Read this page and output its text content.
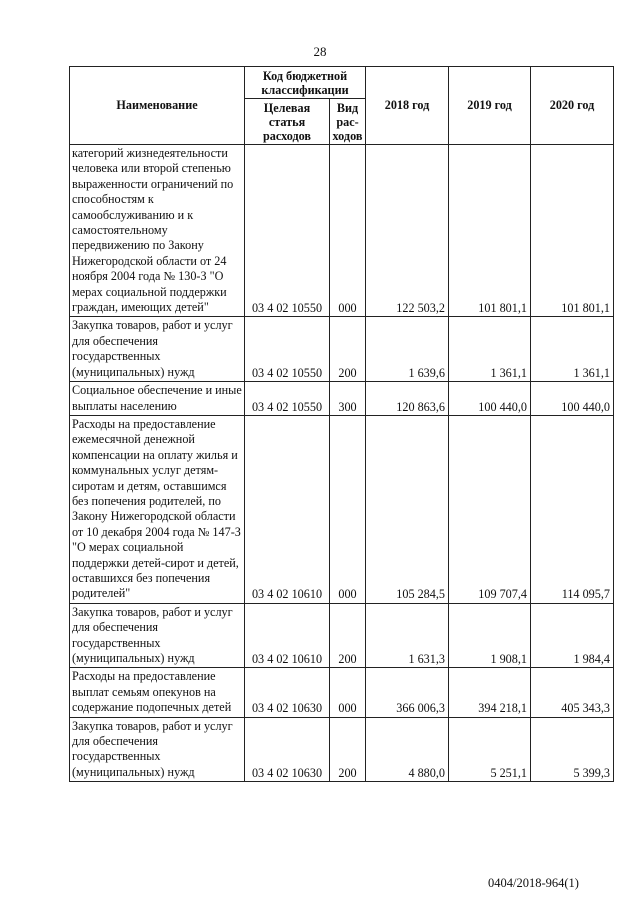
28
Наименование	Код бюджетной классификации		2018 год	2019 год	2020 год
	Целевая статья расходов	Вид рас-ходов			
категорий жизнедеятельности человека или второй степенью выраженности ограничений по способностям к самообслуживанию и к самостоятельному передвижению по Закону Нижегородской области от 24 ноября 2004 года № 130-З "О мерах социальной поддержки граждан, имеющих детей"	03 4 02 10550	000	122 503,2	101 801,1	101 801,1
Закупка товаров, работ и услуг для обеспечения государственных (муниципальных) нужд	03 4 02 10550	200	1 639,6	1 361,1	1 361,1
Социальное обеспечение и иные выплаты населению	03 4 02 10550	300	120 863,6	100 440,0	100 440,0
Расходы на предоставление ежемесячной денежной компенсации на оплату жилья и коммунальных услуг детям-сиротам и детям, оставшимся без попечения родителей, по Закону Нижегородской области от 10 декабря 2004 года № 147-З "О мерах социальной поддержки детей-сирот и детей, оставшихся без попечения родителей"	03 4 02 10610	000	105 284,5	109 707,4	114 095,7
Закупка товаров, работ и услуг для обеспечения государственных (муниципальных) нужд	03 4 02 10610	200	1 631,3	1 908,1	1 984,4
Расходы на предоставление выплат семьям опекунов на содержание подопечных детей	03 4 02 10630	000	366 006,3	394 218,1	405 343,3
Закупка товаров, работ и услуг для обеспечения государственных (муниципальных) нужд	03 4 02 10630	200	4 880,0	5 251,1	5 399,3
0404/2018-964(1)
